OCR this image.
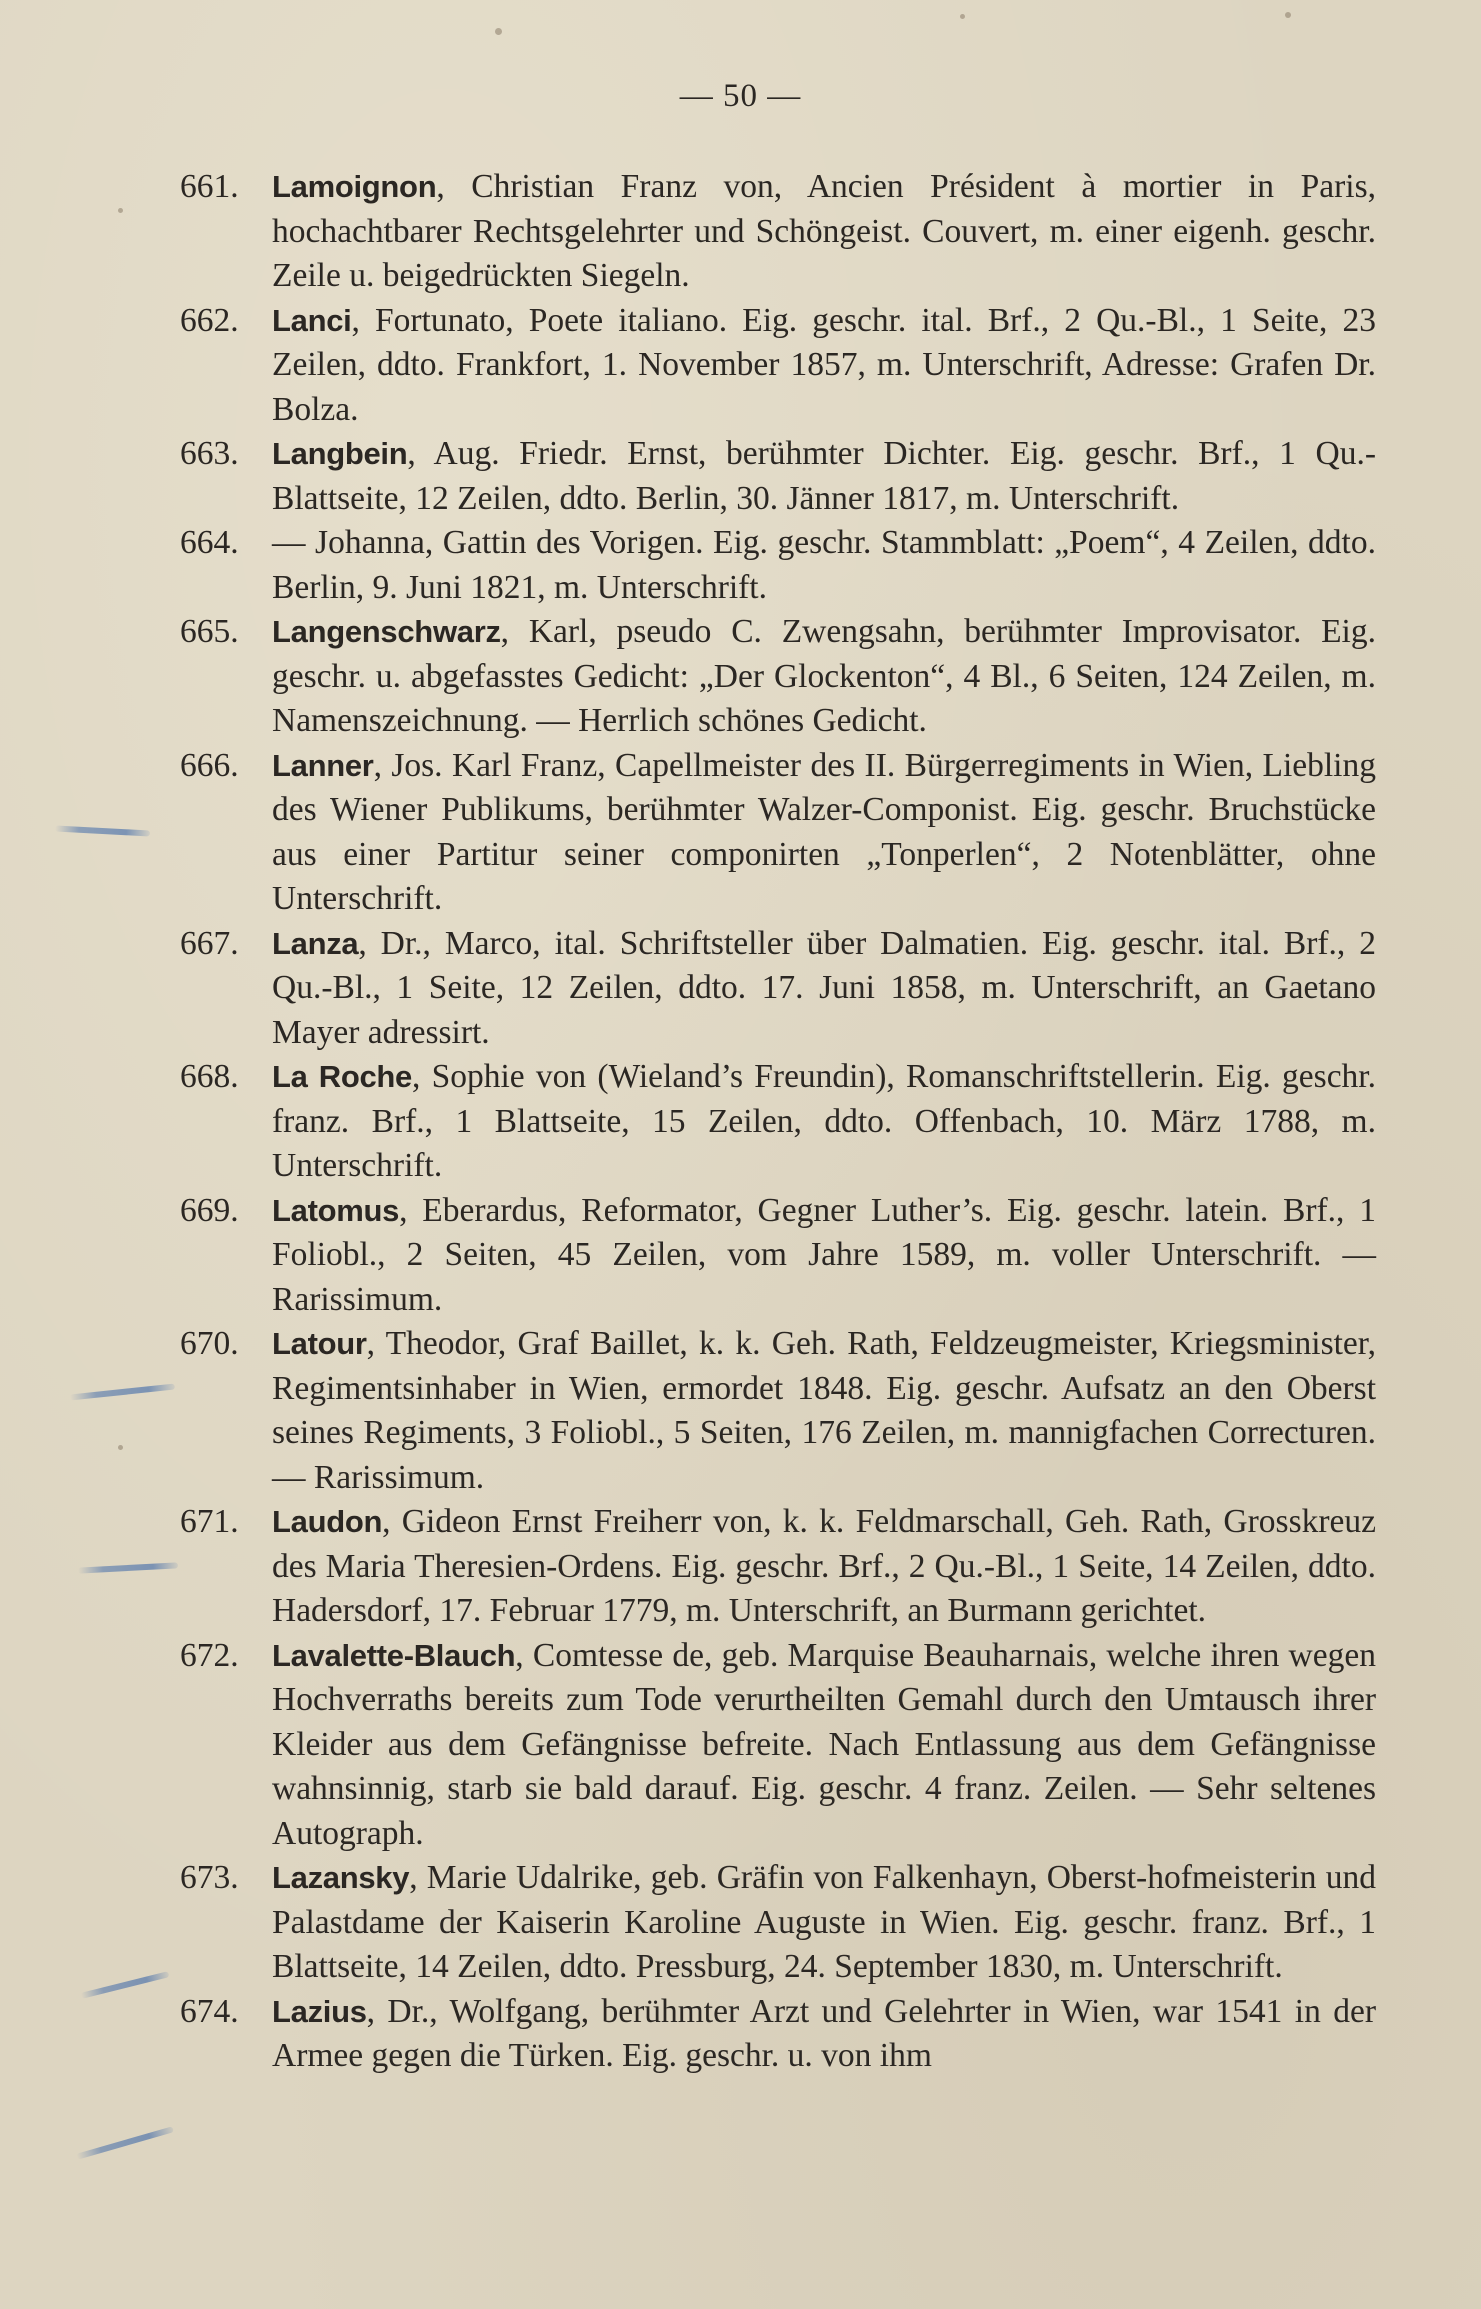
— 50 —
661. Lamoignon, Christian Franz von, Ancien Président à mortier in Paris, hochachtbarer Rechtsgelehrter und Schöngeist. Couvert, m. einer eigenh. geschr. Zeile u. beigedrückten Siegeln.
662. Lanci, Fortunato, Poete italiano. Eig. geschr. ital. Brf., 2 Qu.-Bl., 1 Seite, 23 Zeilen, ddto. Frankfort, 1. November 1857, m. Unterschrift, Adresse: Grafen Dr. Bolza.
663. Langbein, Aug. Friedr. Ernst, berühmter Dichter. Eig. geschr. Brf., 1 Qu.-Blattseite, 12 Zeilen, ddto. Berlin, 30. Jänner 1817, m. Unterschrift.
664. — Johanna, Gattin des Vorigen. Eig. geschr. Stammblatt: „Poem“, 4 Zeilen, ddto. Berlin, 9. Juni 1821, m. Unterschrift.
665. Langenschwarz, Karl, pseudo C. Zwengsahn, berühmter Improvisator. Eig. geschr. u. abgefasstes Gedicht: „Der Glockenton“, 4 Bl., 6 Seiten, 124 Zeilen, m. Namenszeichnung. — Herrlich schönes Gedicht.
666. Lanner, Jos. Karl Franz, Capellmeister des II. Bürgerregiments in Wien, Liebling des Wiener Publikums, berühmter Walzer-Componist. Eig. geschr. Bruchstücke aus einer Partitur seiner componirten „Tonperlen“, 2 Notenblätter, ohne Unterschrift.
667. Lanza, Dr., Marco, ital. Schriftsteller über Dalmatien. Eig. geschr. ital. Brf., 2 Qu.-Bl., 1 Seite, 12 Zeilen, ddto. 17. Juni 1858, m. Unterschrift, an Gaetano Mayer adressirt.
668. La Roche, Sophie von (Wieland’s Freundin), Romanschriftstellerin. Eig. geschr. franz. Brf., 1 Blattseite, 15 Zeilen, ddto. Offenbach, 10. März 1788, m. Unterschrift.
669. Latomus, Eberardus, Reformator, Gegner Luther’s. Eig. geschr. latein. Brf., 1 Foliobl., 2 Seiten, 45 Zeilen, vom Jahre 1589, m. voller Unterschrift. — Rarissimum.
670. Latour, Theodor, Graf Baillet, k. k. Geh. Rath, Feldzeugmeister, Kriegsminister, Regimentsinhaber in Wien, ermordet 1848. Eig. geschr. Aufsatz an den Oberst seines Regiments, 3 Foliobl., 5 Seiten, 176 Zeilen, m. mannigfachen Correcturen. — Rarissimum.
671. Laudon, Gideon Ernst Freiherr von, k. k. Feldmarschall, Geh. Rath, Grosskreuz des Maria Theresien-Ordens. Eig. geschr. Brf., 2 Qu.-Bl., 1 Seite, 14 Zeilen, ddto. Hadersdorf, 17. Februar 1779, m. Unterschrift, an Burmann gerichtet.
672. Lavalette-Blauch, Comtesse de, geb. Marquise Beauharnais, welche ihren wegen Hochverraths bereits zum Tode verurtheilten Gemahl durch den Umtausch ihrer Kleider aus dem Gefängnisse befreite. Nach Entlassung aus dem Gefängnisse wahnsinnig, starb sie bald darauf. Eig. geschr. 4 franz. Zeilen. — Sehr seltenes Autograph.
673. Lazansky, Marie Udalrike, geb. Gräfin von Falkenhayn, Oberst-hofmeisterin und Palastdame der Kaiserin Karoline Auguste in Wien. Eig. geschr. franz. Brf., 1 Blattseite, 14 Zeilen, ddto. Pressburg, 24. September 1830, m. Unterschrift.
674. Lazius, Dr., Wolfgang, berühmter Arzt und Gelehrter in Wien, war 1541 in der Armee gegen die Türken. Eig. geschr. u. von ihm
